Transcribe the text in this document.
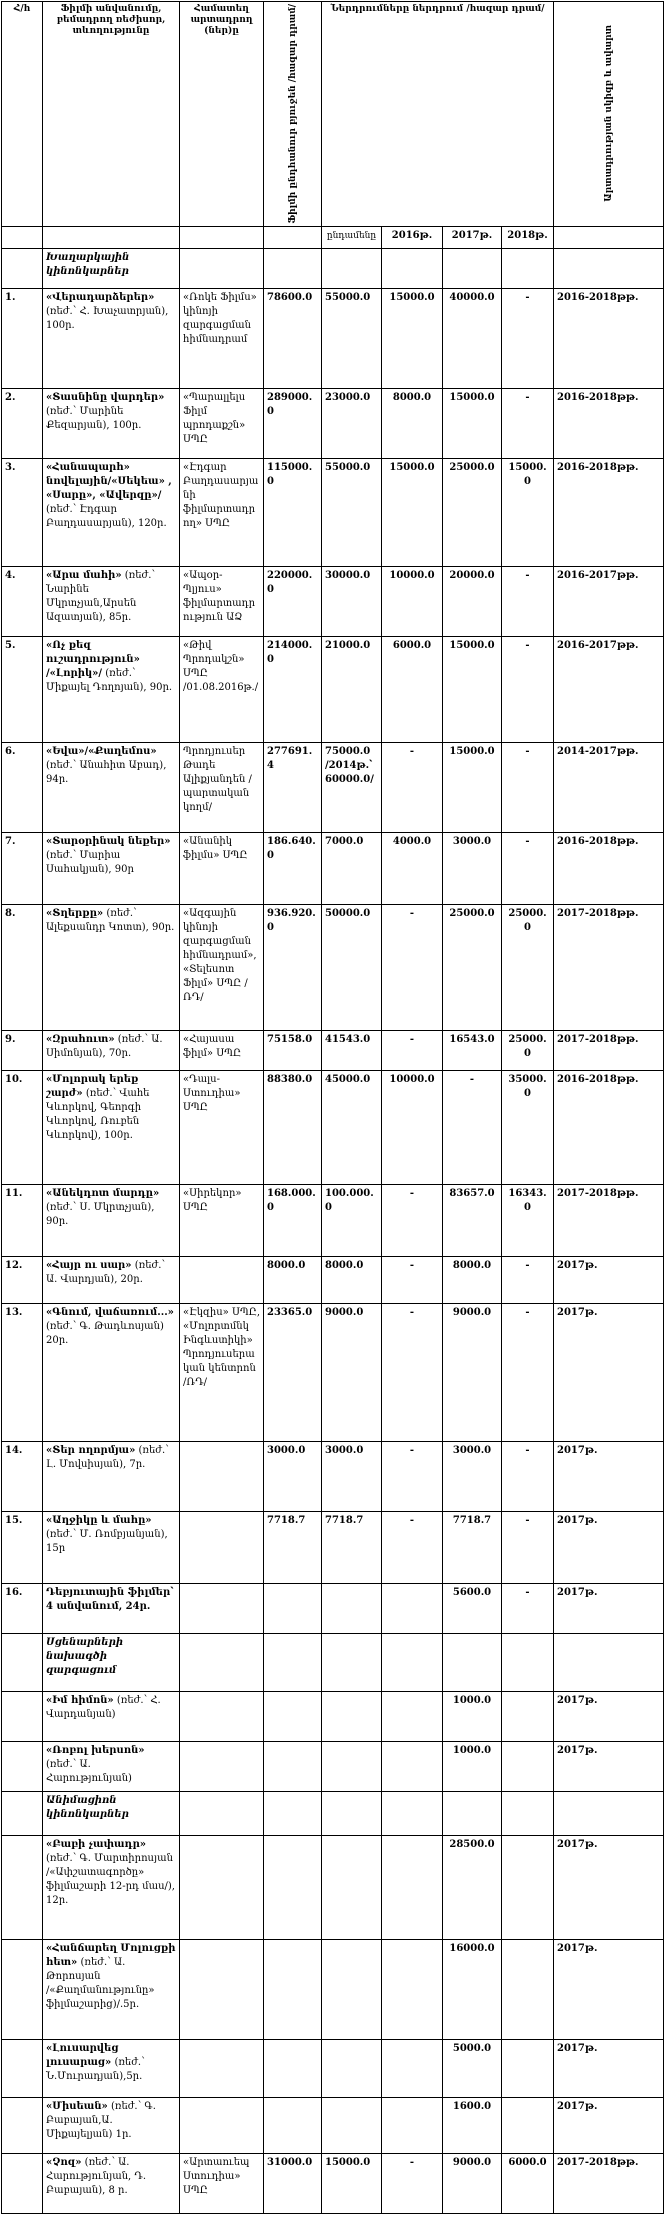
Հ/հ	Ֆիլմի անվանումը, բեմադրող ռեժիսոր, տևողությունը	Համատեղ արտադրող (ներ)ը	Ֆիլմի ընդհանուր բյուջեն /հազար դրամ/	Ներդրումները ներդրում /հազար դրամ/				Արտադրության սկիզբ և ավարտ

				ընդամենը	2016թ.	2017թ.	2018թ.	
	Խաղարկային կինոնկարներ							
1.	«Վերադարձերեր» (ռեժ.՝ Հ. Խաչատրյան), 100ր.	«Ռոկե Ֆիլմս» կինոյի զարգացման հիմնադրամ	78600.0	55000.0	15000.0	40000.0	-	2016-2018թթ.
2.	«Տասնինը վարդեր» (ռեժ.՝ Մարինե Քեզարյան), 100ր.	«Պարալլելս Ֆիլմ պրոդաքշն» ՍՊԸ	289000.0	23000.0	8000.0	15000.0	-	2016-2018թթ.
3.	«Հանապարհ» նովելային/«Սեկեա» , «Սարը», «Ավերզը»/ (ռեժ.՝ Էդգար Բաղդասարյան), 120ր.	«Էդգար Բաղդասարյանի ֆիլմարտադրող» ՍՊԸ	115000.0	55000.0	15000.0	25000.0	15000.0	2016-2018թթ.
4.	«Արա մահի» (ռեժ.՝ Նարինե Մկրտչյան,Արսեն Ազատյան), 85ր.	«Ապօր-Պլյուս» ֆիլմարտադրություն ԱՁ	220000.0	30000.0	10000.0	20000.0	-	2016-2017թթ.
5.	«Ոչ քեզ ուշադրություն» /«Լորիկ»/ (ռեժ.՝ Միքայել Դողոյան), 90ր.	«Թիվ Պրոդակշն» ՍՊԸ /01.08.2016թ./	214000.0	21000.0	6000.0	15000.0	-	2016-2017թթ.
6.	«Եվա»/«Քաղեմոս» (ռեժ.՝ Անահիտ Աբադ), 94ր.	Պրոդյուսեր Թադե Ալիքյանդեն /պարտական կողմ/	277691.4	75000.0 /2014թ.՝ 60000.0/	-	15000.0	-	2014-2017թթ.
7.	«Տարօրինակ նեքեր» (ռեժ.՝ Մարիա Սահակյան), 90ր	«Անանիկ ֆիլմս» ՍՊԸ	186.640.0	7000.0	4000.0	3000.0	-	2016-2018թթ.
8.	«Տղերքը» (ռեժ.՝ Ալեքսանդր Կոտտ), 90ր.	«Ազգային կինոյի զարգացման հիմնադրամ», «Տելեսոտ Ֆիլմ» ՍՊԸ /ՌԴ/	936.920.0	50000.0	-	25000.0	25000.0	2017-2018թթ.
9.	«Զրահուտ» (ռեժ.՝ Ա. Սիմոնյան), 70ր.	«Հայասա ֆիլմ» ՍՊԸ	75158.0	41543.0	-	16543.0	25000.0	2017-2018թթ.
10.	«Մոլորակ երեք շարժ» (ռեժ.՝ Վահե Կևորկով, Գեորգի Կևորկով, Ռուբեն Կևորկով), 100ր.	«Դալս-Ստուդիա» ՍՊԸ	88380.0	45000.0	10000.0	-	35000.0	2016-2018թթ.
11.	«Անեկդոտ մարդը» (ռեժ.՝ Ս. Մկրտչյան), 90ր.	«Սիրեկոր» ՍՊԸ	168.000.0	100.000.0	-	83657.0	16343.0	2017-2018թթ.
12.	«Հայր ու սար» (ռեժ.՝ Ա. Վարդյան), 20ր.		8000.0	8000.0	-	8000.0	-	2017թ.
13.	«Գնում, վաճառում...» (ռեժ.՝ Գ. Թադևոսյան) 20ր.	«Էկզիս» ՍՊԸ, «Մոլորտմնկ Ինգևստիկի» Պրոդյուսերական կենտրոն /ՌԴ/	23365.0	9000.0	-	9000.0	-	2017թ.
14.	«Տեր ողորմյա» (ռեժ.՝ Լ. Մովսիսյան), 7ր.		3000.0	3000.0	-	3000.0	-	2017թ.
15.	«Աղջիկը և մահը» (ռեժ.՝ Մ. Ռոմբյանյան), 15ր		7718.7	7718.7	-	7718.7	-	2017թ.
16.	Դեբյուտային ֆիլմեր՝ 4 անվանում, 24ր.					5600.0	-	2017թ.
	Սցենարների նախագծի զարգացում							
	«Իմ հիմոն» (ռեժ.՝ Հ. Վարդանյան)					1000.0		2017թ.
	«Ռոբոլ խերսոն» (ռեժ.՝ Ա. Հարությունյան)					1000.0		2017թ.
	Անիմացիոն կինոնկարներ							
	«Բաբի չափադր» (ռեժ.՝ Գ. Մարտիրոսյան /«Ափշատագործը» ֆիլմաշարի 12-րդ մաս/), 12ր.					28500.0		2017թ.
	«Հանճարեղ Մոլուցքի հետ» (ռեժ.՝ Ա. Թորոսյան /«Քաղմանությունը» ֆիլմաշարից)/.5ր.					16000.0		2017թ.
	«Լուսարվեց լուսարաց» (ռեժ.՝ Ն.Մուրադյան),5ր.					5000.0		2017թ.
	«Միսեան» (ռեժ.՝ Գ. Բաբայան,Ա. Միքայելյան) 1ր.					1600.0		2017թ.
	«Չոզ» (ռեժ.՝ Ա. Հարությունյան, Դ. Բաբայան), 8 ր.	«Արտաուեպ Ստուդիա» ՍՊԸ	31000.0	15000.0	-	9000.0	6000.0	2017-2018թթ.
